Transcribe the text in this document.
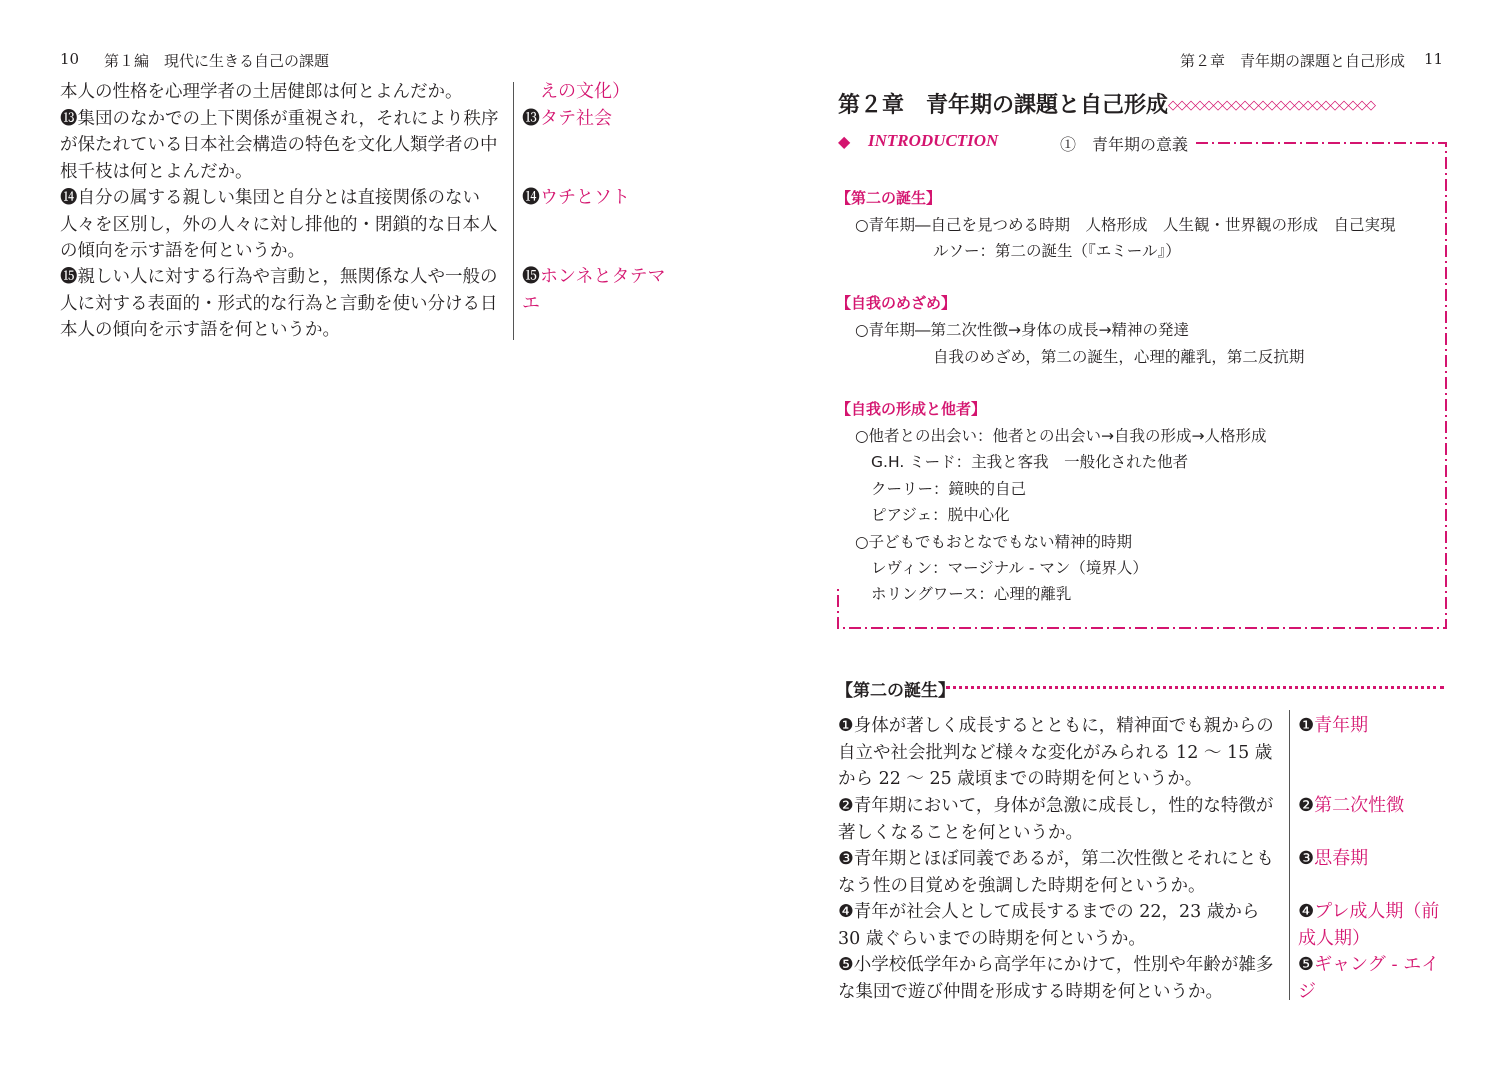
10 第１編　現代に生きる自己の課題
本人の性格を心理学者の土居健郎は何とよんだか。
⓭集団のなかでの上下関係が重視され，それにより秩序が保たれている日本社会構造の特色を文化人類学者の中根千枝は何とよんだか。
⓮自分の属する親しい集団と自分とは直接関係のない人々を区別し，外の人々に対し排他的・閉鎖的な日本人の傾向を示す語を何というか。
⓯親しい人に対する行為や言動と，無関係な人や一般の人に対する表面的・形式的な行為と言動を使い分ける日本人の傾向を示す語を何というか。
えの文化）
⓭タテ社会
⓮ウチとソト
⓯ホンネとタテマエ
第２章　青年期の課題と自己形成 11
第２章　青年期の課題と自己形成◇◇◇◇◇◇◇◇◇◇◇◇◇◇◇◇◇◇◇◇◇◇◇
◆ INTRODUCTION	①　青年期の意義
【第二の誕生】
○青年期―自己を見つめる時期　人格形成　人生観・世界観の形成　自己実現
ルソー：第二の誕生（『エミール』）
【自我のめざめ】
○青年期―第二次性徴→身体の成長→精神の発達
自我のめざめ，第二の誕生，心理的離乳，第二反抗期
【自我の形成と他者】
○他者との出会い：他者との出会い→自我の形成→人格形成
G.H. ミード：主我と客我　一般化された他者
クーリー：鏡映的自己
ピアジェ：脱中心化
○子どもでもおとなでもない精神的時期
レヴィン：マージナル - マン（境界人）
ホリングワース：心理的離乳
【第二の誕生】
❶身体が著しく成長するとともに，精神面でも親からの自立や社会批判など様々な変化がみられる 12 ～ 15 歳から 22 ～ 25 歳頃までの時期を何というか。
❷青年期において，身体が急激に成長し，性的な特徴が著しくなることを何というか。
❸青年期とほぼ同義であるが，第二次性徴とそれにともなう性の目覚めを強調した時期を何というか。
❹青年が社会人として成長するまでの 22，23 歳から 30 歳ぐらいまでの時期を何というか。
❺小学校低学年から高学年にかけて，性別や年齢が雑多な集団で遊び仲間を形成する時期を何というか。
❶青年期
❷第二次性徴
❸思春期
❹プレ成人期（前成人期）
❺ギャング - エイジ
